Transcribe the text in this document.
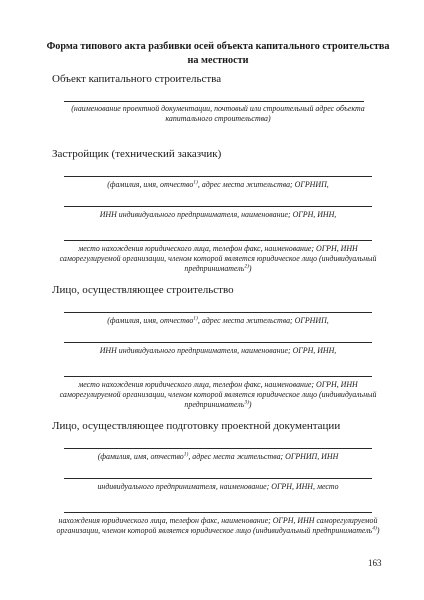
Форма типового акта разбивки осей объекта капитального строительства на местности
Объект капитального строительства
(наименование проектной документации, почтовый или строительный адрес объекта капитального строительства)
Застройщик (технический заказчик)
(фамилия, имя, отчество$^{1)}$, адрес места жительства; ОГРНИП,
ИНН индивидуального предпринимателя, наименование; ОГРН, ИНН,
место нахождения юридического лица, телефон факс, наименование; ОГРН, ИНН саморегулируемой организации, членом которой является юридическое лицо (индивидуальный предприниматель$^{2)}$)
Лицо, осуществляющее строительство
(фамилия, имя, отчество$^{1)}$, адрес места жительства; ОГРНИП,
ИНН индивидуального предпринимателя, наименование; ОГРН, ИНН,
место нахождения юридического лица, телефон факс, наименование; ОГРН, ИНН саморегулируемой организации, членом которой является юридическое лицо (индивидуальный предприниматель$^{3)}$)
Лицо, осуществляющее подготовку проектной документации
(фамилия, имя, отчество$^{1)}$, адрес места жительства; ОГРНИП, ИНН
индивидуального предпринимателя, наименование; ОГРН, ИНН, место
нахождения юридического лица, телефон факс, наименование; ОГРН, ИНН саморегулируемой организации, членом которой является юридическое лицо (индивидуальный предприниматель$^{4)}$)
163
